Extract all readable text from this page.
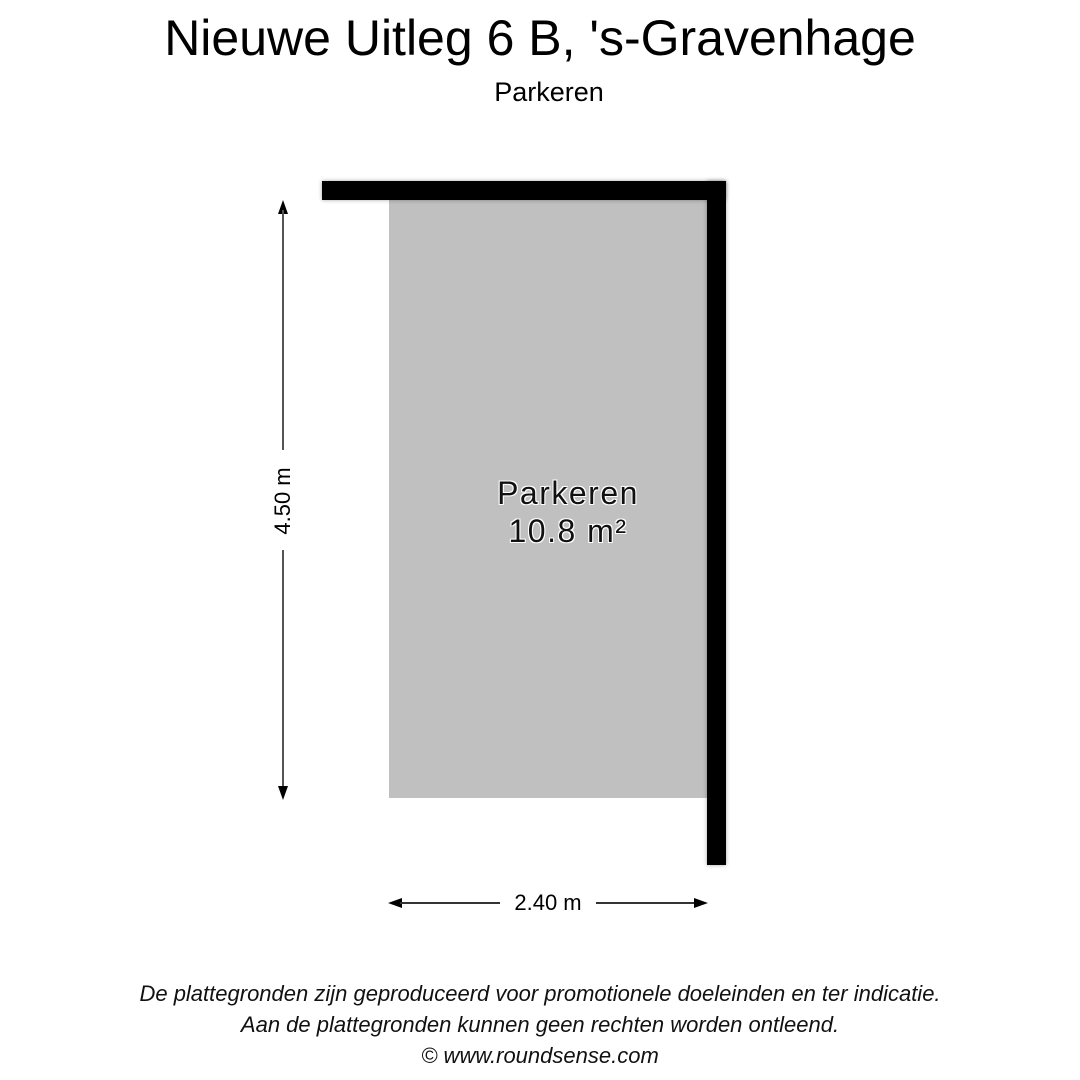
Nieuwe Uitleg 6 B, 's-Gravenhage
Parkeren
Parkeren
10.8 m²
4.50 m
2.40 m
De plattegronden zijn geproduceerd voor promotionele doeleinden en ter indicatie.
Aan de plattegronden kunnen geen rechten worden ontleend.
© www.roundsense.com
